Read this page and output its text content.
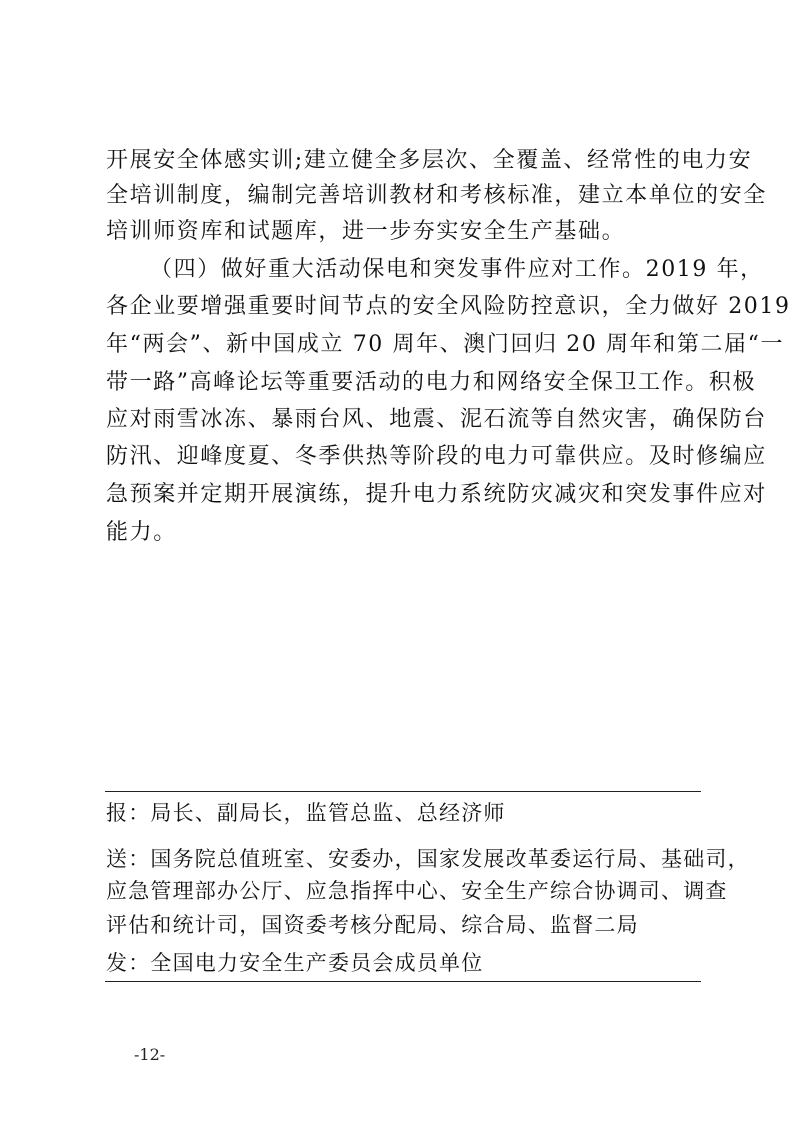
开展安全体感实训;建立健全多层次、全覆盖、经常性的电力安

全培训制度，编制完善培训教材和考核标准，建立本单位的安全

培训师资库和试题库，进一步夯实安全生产基础。

（四）做好重大活动保电和突发事件应对工作。2019 年，

各企业要增强重要时间节点的安全风险防控意识，全力做好 2019

年“两会”、新中国成立 70 周年、澳门回归 20 周年和第二届“一

带一路”高峰论坛等重要活动的电力和网络安全保卫工作。积极

应对雨雪冰冻、暴雨台风、地震、泥石流等自然灾害，确保防台

防汛、迎峰度夏、冬季供热等阶段的电力可靠供应。及时修编应

急预案并定期开展演练，提升电力系统防灾减灾和突发事件应对

能力。

报：局长、副局长，监管总监、总经济师

送：国务院总值班室、安委办，国家发展改革委运行局、基础司，

应急管理部办公厅、应急指挥中心、安全生产综合协调司、调查

评估和统计司，国资委考核分配局、综合局、监督二局

发：全国电力安全生产委员会成员单位

-12-
